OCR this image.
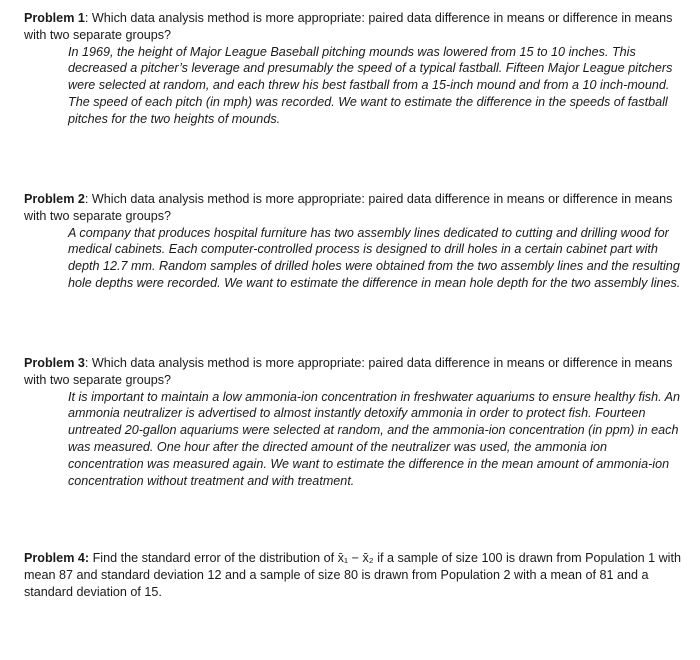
Problem 1: Which data analysis method is more appropriate: paired data difference in means or difference in means with two separate groups?
In 1969, the height of Major League Baseball pitching mounds was lowered from 15 to 10 inches. This decreased a pitcher’s leverage and presumably the speed of a typical fastball. Fifteen Major League pitchers were selected at random, and each threw his best fastball from a 15-inch mound and from a 10 inch-mound. The speed of each pitch (in mph) was recorded. We want to estimate the difference in the speeds of fastball pitches for the two heights of mounds.
Problem 2: Which data analysis method is more appropriate: paired data difference in means or difference in means with two separate groups?
A company that produces hospital furniture has two assembly lines dedicated to cutting and drilling wood for medical cabinets. Each computer-controlled process is designed to drill holes in a certain cabinet part with depth 12.7 mm. Random samples of drilled holes were obtained from the two assembly lines and the resulting hole depths were recorded. We want to estimate the difference in mean hole depth for the two assembly lines.
Problem 3: Which data analysis method is more appropriate: paired data difference in means or difference in means with two separate groups?
It is important to maintain a low ammonia-ion concentration in freshwater aquariums to ensure healthy fish. An ammonia neutralizer is advertised to almost instantly detoxify ammonia in order to protect fish. Fourteen untreated 20-gallon aquariums were selected at random, and the ammonia-ion concentration (in ppm) in each was measured. One hour after the directed amount of the neutralizer was used, the ammonia ion concentration was measured again. We want to estimate the difference in the mean amount of ammonia-ion concentration without treatment and with treatment.
Problem 4: Find the standard error of the distribution of x̄₁ − x̄₂ if a sample of size 100 is drawn from Population 1 with mean 87 and standard deviation 12 and a sample of size 80 is drawn from Population 2 with a mean of 81 and a standard deviation of 15.
